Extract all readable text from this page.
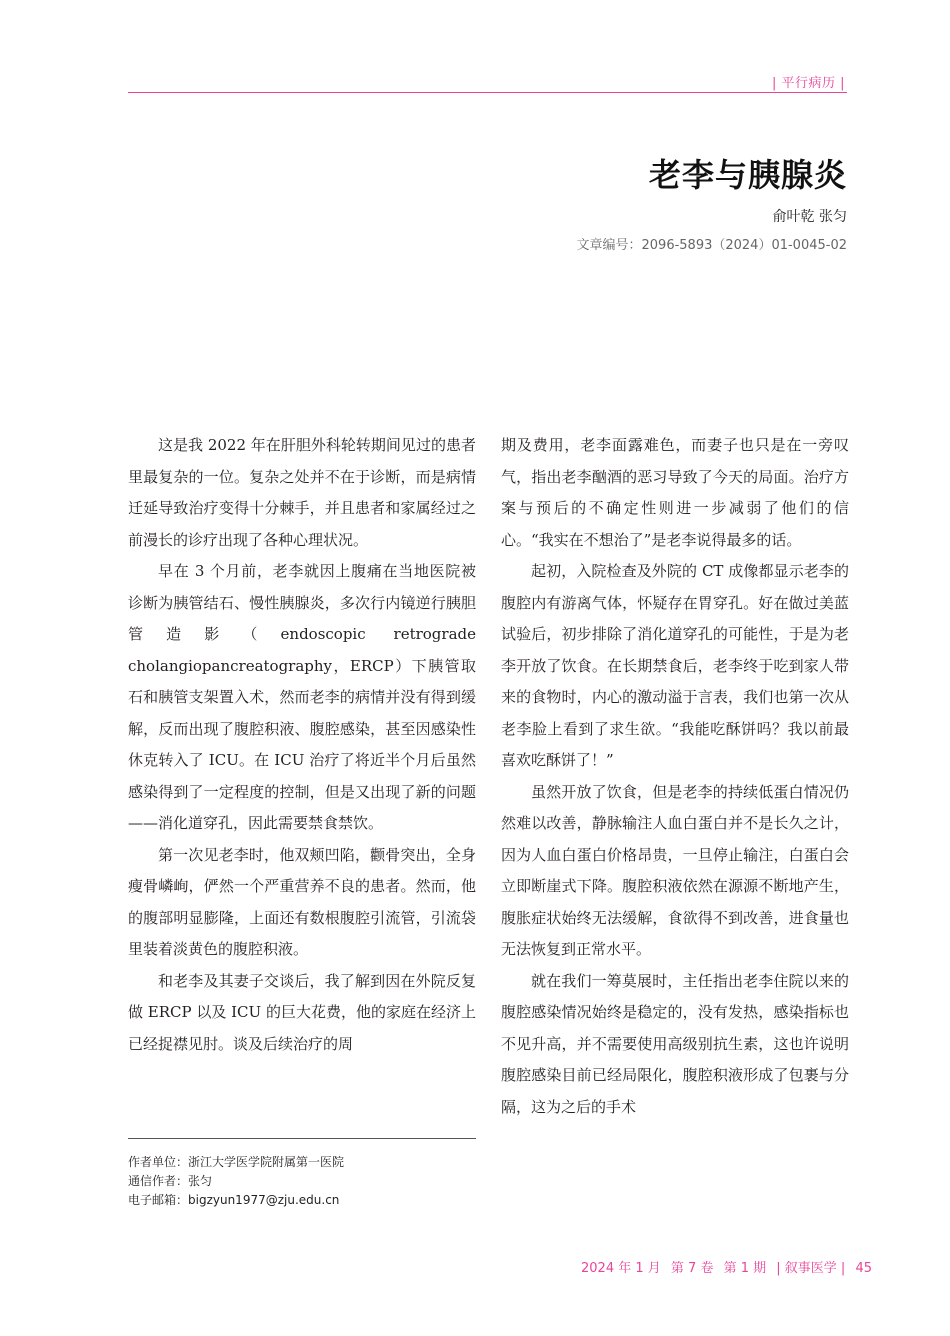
| 平行病历 |
老李与胰腺炎
俞叶乾 张匀
文章编号：2096-5893（2024）01-0045-02

这是我 2022 年在肝胆外科轮转期间见过的患者里最复杂的一位。复杂之处并不在于诊断，而是病情迁延导致治疗变得十分棘手，并且患者和家属经过之前漫长的诊疗出现了各种心理状况。

早在 3 个月前，老李就因上腹痛在当地医院被诊断为胰管结石、慢性胰腺炎，多次行内镜逆行胰胆管造影（endoscopic retrograde cholangiopancreatography，ERCP）下胰管取石和胰管支架置入术，然而老李的病情并没有得到缓解，反而出现了腹腔积液、腹腔感染，甚至因感染性休克转入了 ICU。在 ICU 治疗了将近半个月后虽然感染得到了一定程度的控制，但是又出现了新的问题——消化道穿孔，因此需要禁食禁饮。

第一次见老李时，他双颊凹陷，颧骨突出，全身瘦骨嶙峋，俨然一个严重营养不良的患者。然而，他的腹部明显膨隆，上面还有数根腹腔引流管，引流袋里装着淡黄色的腹腔积液。

和老李及其妻子交谈后，我了解到因在外院反复做 ERCP 以及 ICU 的巨大花费，他的家庭在经济上已经捉襟见肘。谈及后续治疗的周

期及费用，老李面露难色，而妻子也只是在一旁叹气，指出老李酗酒的恶习导致了今天的局面。治疗方案与预后的不确定性则进一步减弱了他们的信心。“我实在不想治了”是老李说得最多的话。

起初，入院检查及外院的 CT 成像都显示老李的腹腔内有游离气体，怀疑存在胃穿孔。好在做过美蓝试验后，初步排除了消化道穿孔的可能性，于是为老李开放了饮食。在长期禁食后，老李终于吃到家人带来的食物时，内心的激动溢于言表，我们也第一次从老李脸上看到了求生欲。“我能吃酥饼吗？我以前最喜欢吃酥饼了！”

虽然开放了饮食，但是老李的持续低蛋白情况仍然难以改善，静脉输注人血白蛋白并不是长久之计，因为人血白蛋白价格昂贵，一旦停止输注，白蛋白会立即断崖式下降。腹腔积液依然在源源不断地产生，腹胀症状始终无法缓解，食欲得不到改善，进食量也无法恢复到正常水平。

就在我们一筹莫展时，主任指出老李住院以来的腹腔感染情况始终是稳定的，没有发热，感染指标也不见升高，并不需要使用高级别抗生素，这也许说明腹腔感染目前已经局限化，腹腔积液形成了包裹与分隔，这为之后的手术

作者单位：浙江大学医学院附属第一医院
通信作者：张匀
电子邮箱：bigzyun1977@zju.edu.cn
2024 年 1 月 第 7 卷 第 1 期 | 叙事医学 | 45
